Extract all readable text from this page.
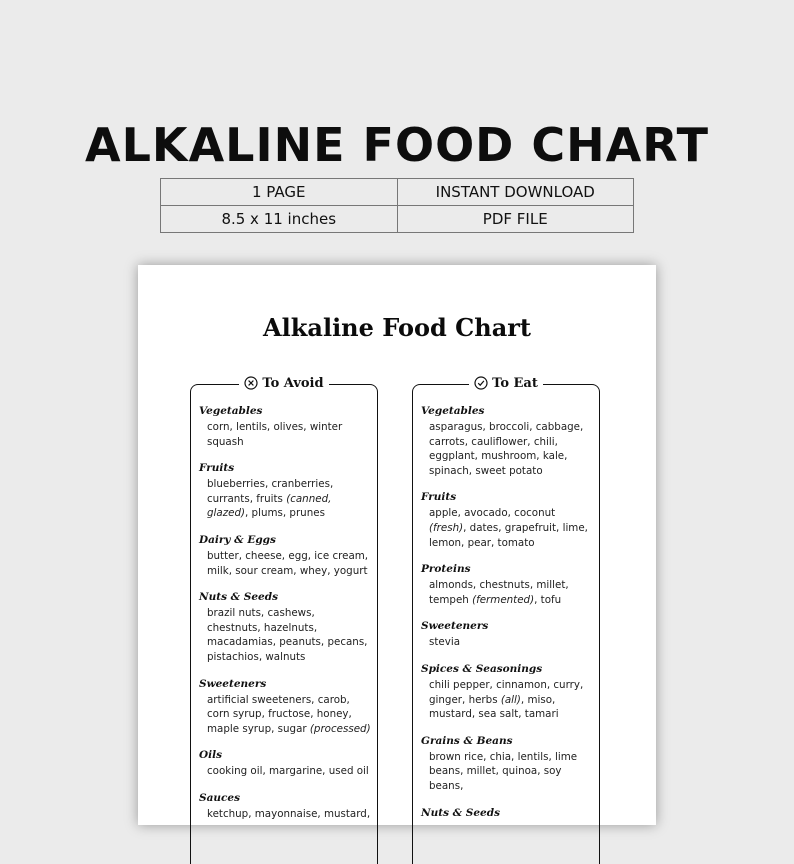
ALKALINE FOOD CHART
1 PAGE	INSTANT DOWNLOAD
8.5 x 11 inches	PDF FILE
Alkaline Food Chart
To Avoid
Vegetables
corn, lentils, olives, winter squash
Fruits
blueberries, cranberries, currants, fruits (canned, glazed), plums, prunes
Dairy & Eggs
butter, cheese, egg, ice cream, milk, sour cream, whey, yogurt
Nuts & Seeds
brazil nuts, cashews, chestnuts, hazelnuts, macadamias, peanuts, pecans, pistachios, walnuts
Sweeteners
artificial sweeteners, carob, corn syrup, fructose, honey, maple syrup, sugar (processed)
Oils
cooking oil, margarine, used oil
Sauces
ketchup, mayonnaise, mustard,
To Eat
Vegetables
asparagus, broccoli, cabbage, carrots, cauliflower, chili, eggplant, mushroom, kale, spinach, sweet potato
Fruits
apple, avocado, coconut (fresh), dates, grapefruit, lime, lemon, pear, tomato
Proteins
almonds, chestnuts, millet, tempeh (fermented), tofu
Sweeteners
stevia
Spices & Seasonings
chili pepper, cinnamon, curry, ginger, herbs (all), miso, mustard, sea salt, tamari
Grains & Beans
brown rice, chia, lentils, lime beans, millet, quinoa, soy beans,
Nuts & Seeds
